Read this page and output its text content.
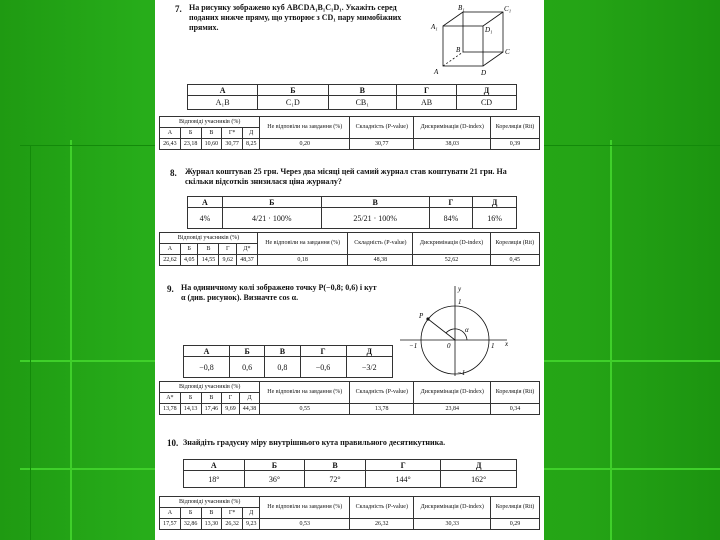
7. На рисунку зображено куб ABCDA₁B₁C₁D₁. Укажіть серед поданих нижче пряму, що утворює з CD₁ пару мимобіжних прямих.
B₁	C₁
A₁	D₁
B	C
A	D
А	Б	В	Г	Д
A₁B	C₁D	CB₁	AB	CD
Відповіді учасників (%)					Не відповіли на завдання (%)	Складність (P-value)	Дискримінація (D-index)	Кореляція (Rit)
А	Б	В	Г*	Д				
26,43	23,18	10,60	30,77	8,25	0,20	30,77	38,03	0,39
8. Журнал коштував 25 грн. Через два місяці цей самий журнал став коштувати 21 грн. На скільки відсотків знизилася ціна журналу?
А	Б	В	Г	Д
4%	4/21 · 100%	25/21 · 100%	84%	16%
Відповіді учасників (%)					Не відповіли на завдання (%)	Складність (P-value)	Дискримінація (D-index)	Кореляція (Rit)
А	Б	В	Г	Д*				
22,62	4,05	14,55	9,62	48,37	0,18	48,38	52,62	0,45
9. На одиничному колі зображено точку P(−0,8; 0,6) і кут α (див. рисунок). Визначте cos α.
y
x
1
−1
−1	1
0
P
α
А	Б	В	Г	Д
−0,8	0,6	0,8	−0,6	−3/2
Відповіді учасників (%)					Не відповіли на завдання (%)	Складність (P-value)	Дискримінація (D-index)	Кореляція (Rit)
А*	Б	В	Г	Д				
13,78	14,13	17,46	9,69	44,38	0,55	13,78	23,84	0,34
10. Знайдіть градусну міру внутрішнього кута правильного десятикутника.
А	Б	В	Г	Д
18°	36°	72°	144°	162°
Відповіді учасників (%)					Не відповіли на завдання (%)	Складність (P-value)	Дискримінація (D-index)	Кореляція (Rit)
А	Б	В	Г*	Д				
17,57	32,86	13,30	26,32	9,23	0,53	26,32	30,33	0,29
